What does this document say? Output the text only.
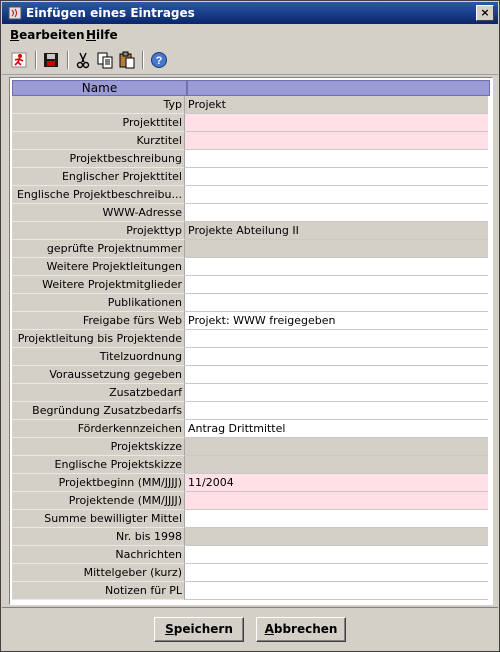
Einfügen eines Eintrages	×
Bearbeiten Hilfe
?
Name
Typ Projekt
Projekttitel
Kurztitel
Projektbeschreibung
Englischer Projekttitel
Englische Projektbeschreibu...
WWW-Adresse
Projekttyp Projekte Abteilung II
geprüfte Projektnummer
Weitere Projektleitungen
Weitere Projektmitglieder
Publikationen
Freigabe fürs Web Projekt: WWW freigegeben
Projektleitung bis Projektende
Titelzuordnung
Voraussetzung gegeben
Zusatzbedarf
Begründung Zusatzbedarfs
Förderkennzeichen Antrag Drittmittel
Projektskizze
Englische Projektskizze
Projektbeginn (MM/JJJJ) 11/2004
Projektende (MM/JJJJ)
Summe bewilligter Mittel
Nr. bis 1998
Nachrichten
Mittelgeber (kurz)
Notizen für PL
Speichern	Abbrechen
